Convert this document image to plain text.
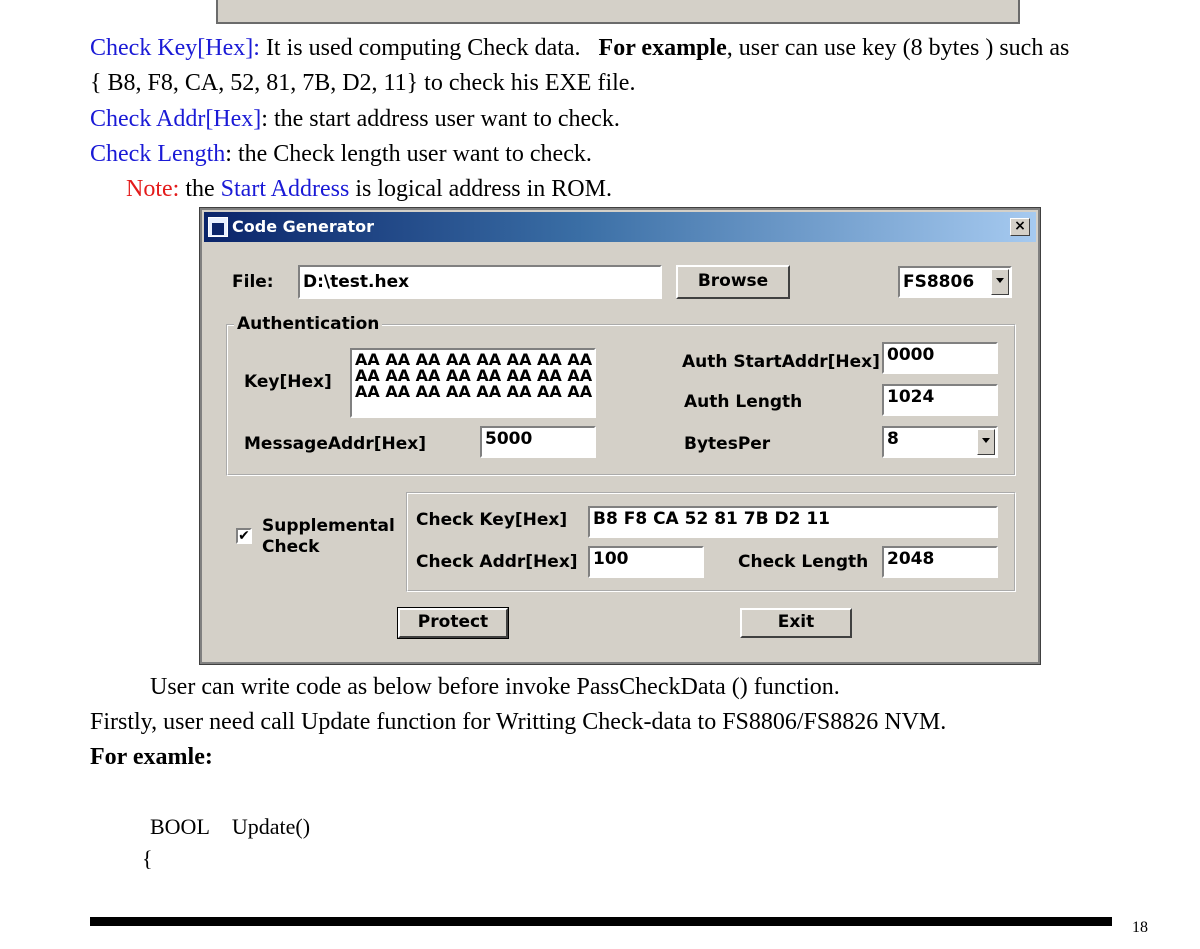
Check Key[Hex]: It is used computing Check data.   For example, user can use key (8 bytes ) such as
{ B8, F8, CA, 52, 81, 7B, D2, 11} to check his EXE file.
Check Addr[Hex]: the start address user want to check.
Check Length: the Check length user want to check.
Note: the Start Address is logical address in ROM.
Code Generator	×
File: D:\test.hex	Browse	FS8806
Authentication
Key[Hex]
AA AA AA AA AA AA AA AA
AA AA AA AA AA AA AA AA
AA AA AA AA AA AA AA AA
MessageAddr[Hex]	5000
Auth StartAddr[Hex] 0000
Auth Length	1024
BytesPer	8
✔ Supplemental
Check
Check Key[Hex] B8 F8 CA 52 81 7B D2 11
Check Addr[Hex] 100	Check Length 2048
Protect	Exit
User can write code as below before invoke PassCheckData () function.
Firstly, user need call Update function for Writting Check-data to FS8806/FS8826 NVM.
For examle:
BOOL Update()
{
18
